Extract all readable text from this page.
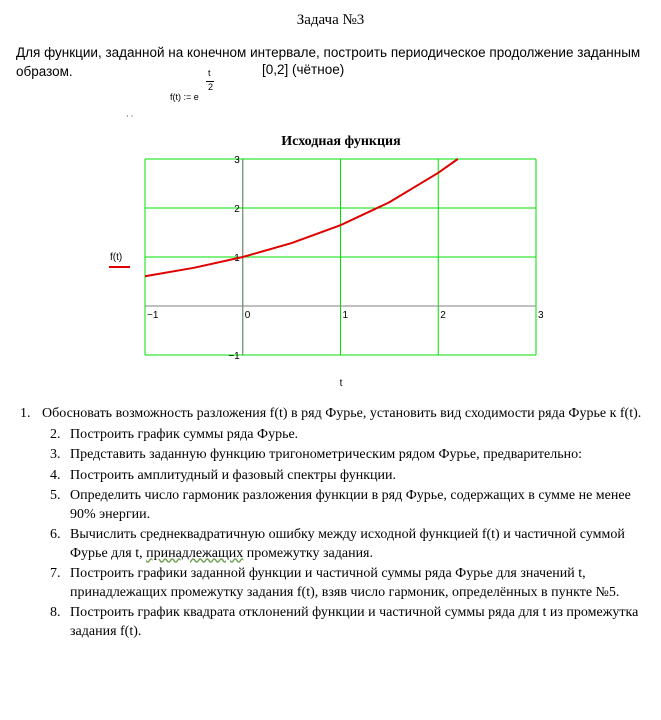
Задача №3
Для функции, заданной на конечном интервале, построить периодическое продолжение заданным образом.	[0,2] (чётное)
f(t) := e
t
2
· ·
Исходная функция
−1	0	1	2	3
−1
1
2
3
f(t)
t
1. Обосновать возможность разложения f(t) в ряд Фурье, установить вид сходимости ряда Фурье к f(t).
2. Построить график суммы ряда Фурье.
3. Представить заданную функцию тригонометрическим рядом Фурье, предварительно:
4. Построить амплитудный и фазовый спектры функции.
5. Определить число гармоник разложения функции в ряд Фурье, содержащих в сумме не менее 90% энергии.
6. Вычислить среднеквадратичную ошибку между исходной функцией f(t) и частичной суммой Фурье для t, принадлежащих промежутку задания.
7. Построить графики заданной функции и частичной суммы ряда Фурье для значений t, принадлежащих промежутку задания f(t), взяв число гармоник, определённых в пункте №5.
8. Построить график квадрата отклонений функции и частичной суммы ряда для t из промежутка задания f(t).
